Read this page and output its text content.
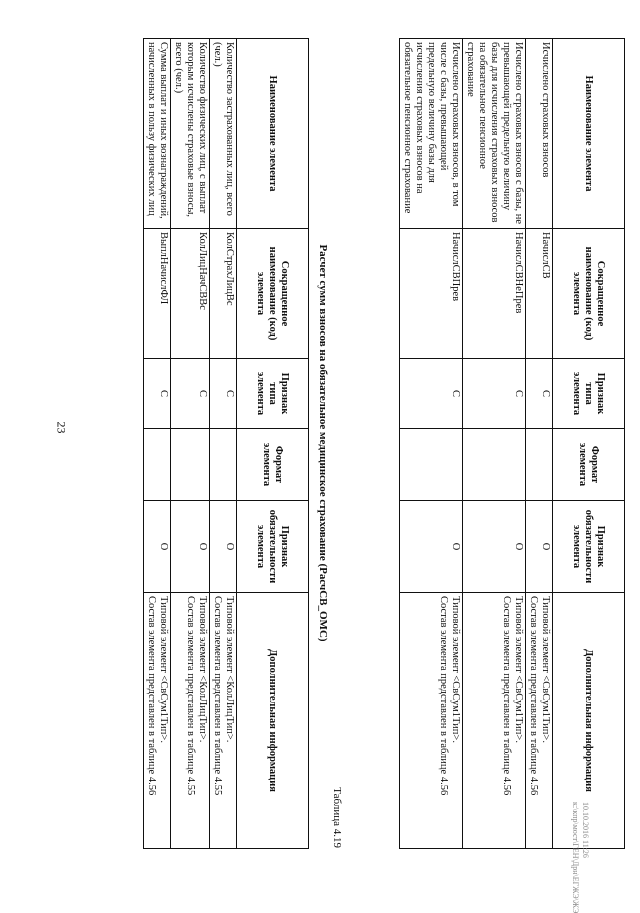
23
Наименование элемента	Сокращенное наименование (код) элемента	Признак типа элемента	Формат элемента	Признак обязательности элемента	Дополнительная информация
Исчислено страховых взносов	НачислСВ	С		О	Типовой элемент <СвСум1Тип>.
Состав элемента представлен в таблице 4.56

Исчислено страховых взносов с базы, не превышающей предельную величину базы для исчисления страховых взносов на обязательное пенсионное страхование	НачислСВНеПрев	С		О	Типовой элемент <СвСум1Тип>.
Состав элемента представлен в таблице 4.56

Исчислено страховых взносов, в том числе с базы, превышающей предельную величину базы для исчисления страховых взносов на обязательное пенсионное страхование	НачислСВПрев	С		О	Типовой элемент <СвСум1Тип>.
Состав элемента представлен в таблице 4.56
Таблица 4.19
Расчет сумм взносов на обязательное медицинское страхование (РасчСВ_ОМС)
Наименование элемента	Сокращенное наименование (код) элемента	Признак типа элемента	Формат элемента	Признак обязательности элемента	Дополнительная информация
Количество застрахованных лиц, всего (чел.)	КолСтрахЛицВс	С		О	Типовой элемент <КолЛицТип>.
Состав элемента представлен в таблице 4.55

Количество физических лиц, с выплат которым исчислены страховые взносы, всего (чел.)	КолЛицНачСВВс	С		О	Типовой элемент <КолЛицТип>.
Состав элемента представлен в таблице 4.55

Сумма выплат и иных вознаграждений, начисленных в пользу физических лиц	ВыплНачислФЛ	С		О	Типовой элемент <СвСум1Тип>.
Состав элемента представлен в таблице 4.56
10.10.2016 11:26
к:\кпр\мост\ГЕН\Дрн\ЕГЖЭ\ЖЭ
